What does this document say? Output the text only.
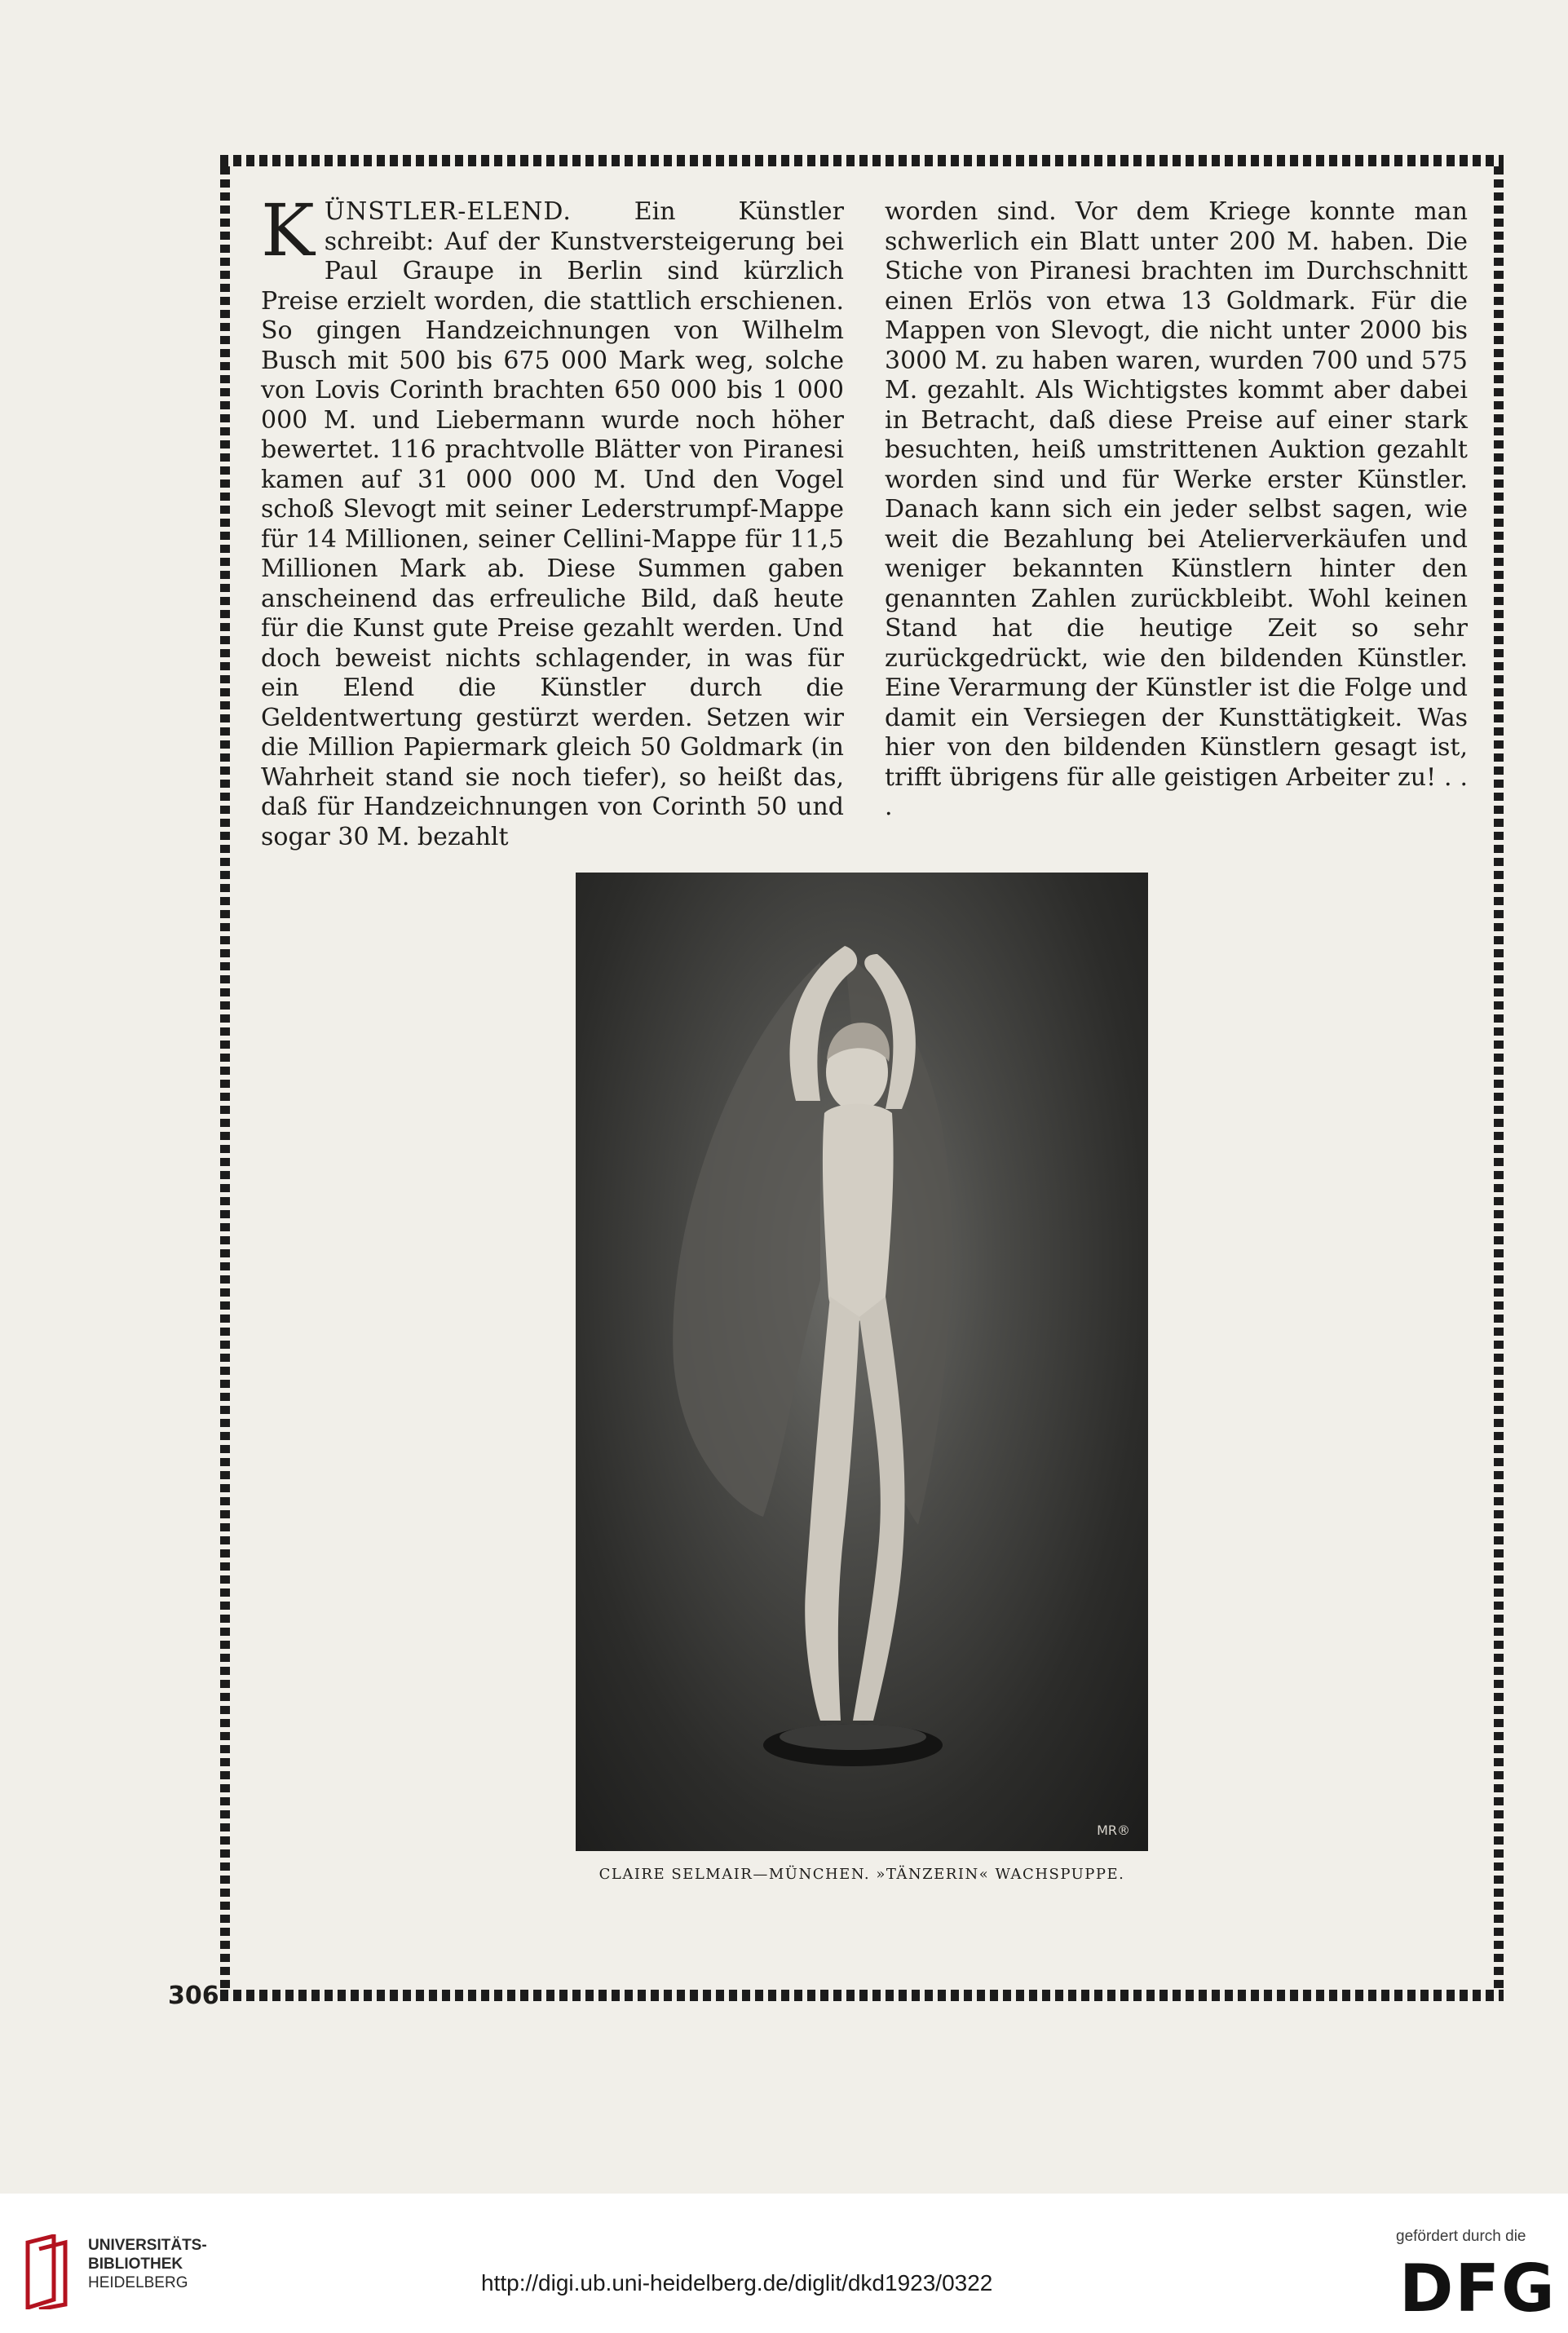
KÜNSTLER-ELEND. Ein Künstler schreibt: Auf der Kunstversteigerung bei Paul Graupe in Berlin sind kürzlich Preise erzielt worden, die stattlich erschienen. So gingen Handzeichnungen von Wilhelm Busch mit 500 bis 675 000 Mark weg, solche von Lovis Corinth brachten 650 000 bis 1 000 000 M. und Liebermann wurde noch höher bewertet. 116 prachtvolle Blätter von Piranesi kamen auf 31 000 000 M. Und den Vogel schoß Slevogt mit seiner Lederstrumpf-Mappe für 14 Millionen, seiner Cellini-Mappe für 11,5 Millionen Mark ab. Diese Summen gaben anscheinend das erfreuliche Bild, daß heute für die Kunst gute Preise gezahlt werden. Und doch beweist nichts schlagender, in was für ein Elend die Künstler durch die Geldentwertung gestürzt werden. Setzen wir die Million Papiermark gleich 50 Goldmark (in Wahrheit stand sie noch tiefer), so heißt das, daß für Handzeichnungen von Corinth 50 und sogar 30 M. bezahlt

worden sind. Vor dem Kriege konnte man schwerlich ein Blatt unter 200 M. haben. Die Stiche von Piranesi brachten im Durchschnitt einen Erlös von etwa 13 Goldmark. Für die Mappen von Slevogt, die nicht unter 2000 bis 3000 M. zu haben waren, wurden 700 und 575 M. gezahlt. Als Wichtigstes kommt aber dabei in Betracht, daß diese Preise auf einer stark besuchten, heiß umstrittenen Auktion gezahlt worden sind und für Werke erster Künstler. Danach kann sich ein jeder selbst sagen, wie weit die Bezahlung bei Atelierverkäufen und weniger bekannten Künstlern hinter den genannten Zahlen zurückbleibt. Wohl keinen Stand hat die heutige Zeit so sehr zurückgedrückt, wie den bildenden Künstler. Eine Verarmung der Künstler ist die Folge und damit ein Versiegen der Kunsttätigkeit. Was hier von den bildenden Künstlern gesagt ist, trifft übrigens für alle geistigen Arbeiter zu! . . .

MR®
CLAIRE SELMAIR—MÜNCHEN. »TÄNZERIN« WACHSPUPPE.
306
UNIVERSITÄTS-
BIBLIOTHEK
HEIDELBERG	http://digi.ub.uni-heidelberg.de/diglit/dkd1923/0322
gefördert durch die
DFG
